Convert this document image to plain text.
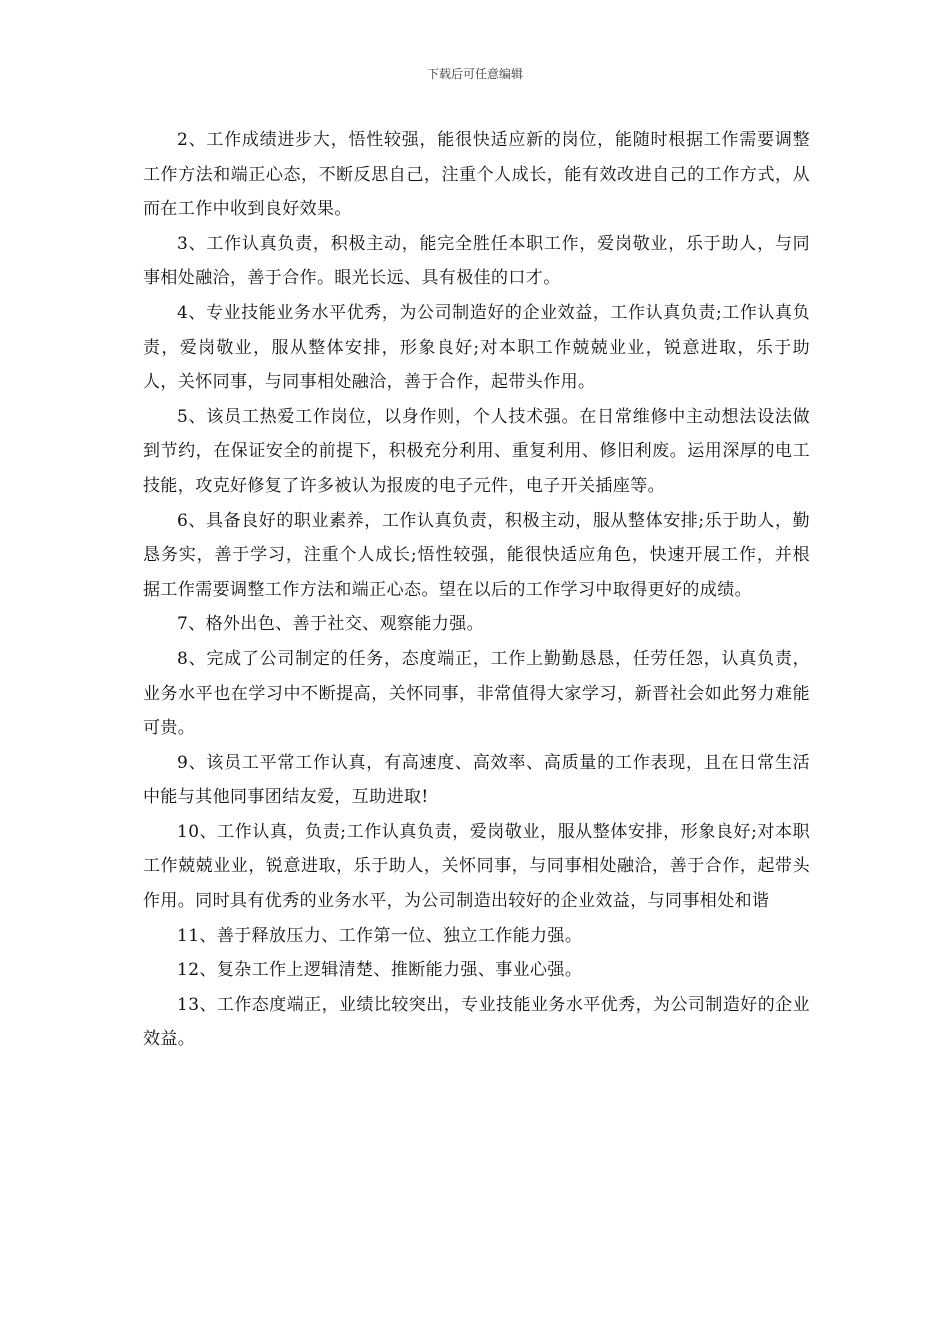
下载后可任意编辑

2、工作成绩进步大，悟性较强，能很快适应新的岗位，能随时根据工作需要调整工作方法和端正心态，不断反思自己，注重个人成长，能有效改进自己的工作方式，从而在工作中收到良好效果。

3、工作认真负责，积极主动，能完全胜任本职工作，爱岗敬业，乐于助人，与同事相处融洽，善于合作。眼光长远、具有极佳的口才。

4、专业技能业务水平优秀，为公司制造好的企业效益，工作认真负责;工作认真负责，爱岗敬业，服从整体安排，形象良好;对本职工作兢兢业业，锐意进取，乐于助人，关怀同事，与同事相处融洽，善于合作，起带头作用。

5、该员工热爱工作岗位，以身作则，个人技术强。在日常维修中主动想法设法做到节约，在保证安全的前提下，积极充分利用、重复利用、修旧利废。运用深厚的电工技能，攻克好修复了许多被认为报废的电子元件，电子开关插座等。

6、具备良好的职业素养，工作认真负责，积极主动，服从整体安排;乐于助人，勤恳务实，善于学习，注重个人成长;悟性较强，能很快适应角色，快速开展工作，并根据工作需要调整工作方法和端正心态。望在以后的工作学习中取得更好的成绩。

7、格外出色、善于社交、观察能力强。

8、完成了公司制定的任务，态度端正，工作上勤勤恳恳，任劳任怨，认真负责，业务水平也在学习中不断提高，关怀同事，非常值得大家学习，新晋社会如此努力难能可贵。

9、该员工平常工作认真，有高速度、高效率、高质量的工作表现，且在日常生活中能与其他同事团结友爱，互助进取!

10、工作认真，负责;工作认真负责，爱岗敬业，服从整体安排，形象良好;对本职工作兢兢业业，锐意进取，乐于助人，关怀同事，与同事相处融洽，善于合作，起带头作用。同时具有优秀的业务水平，为公司制造出较好的企业效益，与同事相处和谐

11、善于释放压力、工作第一位、独立工作能力强。

12、复杂工作上逻辑清楚、推断能力强、事业心强。

13、工作态度端正，业绩比较突出，专业技能业务水平优秀，为公司制造好的企业效益。
